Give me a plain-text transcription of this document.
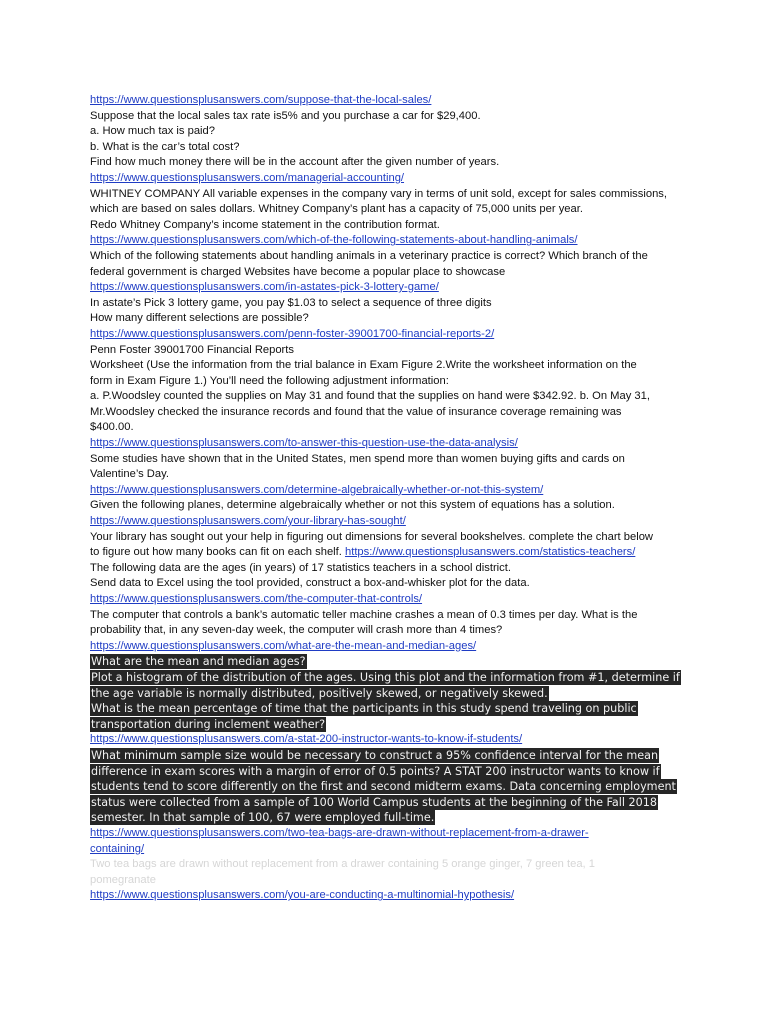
https://www.questionsplusanswers.com/suppose-that-the-local-sales/
Suppose that the local sales tax rate is5% and you purchase a car for $29,400.
a. How much tax is paid?
b. What is the car’s total cost?
Find how much money there will be in the account after the given number of years.
https://www.questionsplusanswers.com/managerial-accounting/
WHITNEY COMPANY All variable expenses in the company vary in terms of unit sold, except for sales commissions,
which are based on sales dollars. Whitney Company’s plant has a capacity of 75,000 units per year.
Redo Whitney Company’s income statement in the contribution format.
https://www.questionsplusanswers.com/which-of-the-following-statements-about-handling-animals/
Which of the following statements about handling animals in a veterinary practice is correct? Which branch of the
federal government is charged Websites have become a popular place to showcase
https://www.questionsplusanswers.com/in-astates-pick-3-lottery-game/
In astate’s Pick 3 lottery game, you pay $1.03 to select a sequence of three digits
How many different selections are possible?
https://www.questionsplusanswers.com/penn-foster-39001700-financial-reports-2/
Penn Foster 39001700 Financial Reports
Worksheet (Use the information from the trial balance in Exam Figure 2.Write the worksheet information on the
form in Exam Figure 1.) You’ll need the following adjustment information:
a. P.Woodsley counted the supplies on May 31 and found that the supplies on hand were $342.92. b. On May 31,
Mr.Woodsley checked the insurance records and found that the value of insurance coverage remaining was
$400.00.
https://www.questionsplusanswers.com/to-answer-this-question-use-the-data-analysis/
Some studies have shown that in the United States, men spend more than women buying gifts and cards on
Valentine’s Day.
https://www.questionsplusanswers.com/determine-algebraically-whether-or-not-this-system/
Given the following planes, determine algebraically whether or not this system of equations has a solution.
https://www.questionsplusanswers.com/your-library-has-sought/
Your library has sought out your help in figuring out dimensions for several bookshelves. complete the chart below
to figure out how many books can fit on each shelf. https://www.questionsplusanswers.com/statistics-teachers/
The following data are the ages (in years) of 17 statistics teachers in a school district.
Send data to Excel using the tool provided, construct a box-and-whisker plot for the data.
https://www.questionsplusanswers.com/the-computer-that-controls/
The computer that controls a bank’s automatic teller machine crashes a mean of 0.3 times per day. What is the
probability that, in any seven-day week, the computer will crash more than 4 times?
https://www.questionsplusanswers.com/what-are-the-mean-and-median-ages/
What are the mean and median ages?
Plot a histogram of the distribution of the ages. Using this plot and the information from #1, determine if
the age variable is normally distributed, positively skewed, or negatively skewed.
What is the mean percentage of time that the participants in this study spend traveling on public
transportation during inclement weather?
https://www.questionsplusanswers.com/a-stat-200-instructor-wants-to-know-if-students/
What minimum sample size would be necessary to construct a 95% confidence interval for the mean
difference in exam scores with a margin of error of 0.5 points? A STAT 200 instructor wants to know if
students tend to score differently on the first and second midterm exams. Data concerning employment
status were collected from a sample of 100 World Campus students at the beginning of the Fall 2018
semester. In that sample of 100, 67 were employed full-time.
https://www.questionsplusanswers.com/two-tea-bags-are-drawn-without-replacement-from-a-drawer-
containing/
Two tea bags are drawn without replacement from a drawer containing 5 orange ginger, 7 green tea, 1
pomegranate
https://www.questionsplusanswers.com/you-are-conducting-a-multinomial-hypothesis/
